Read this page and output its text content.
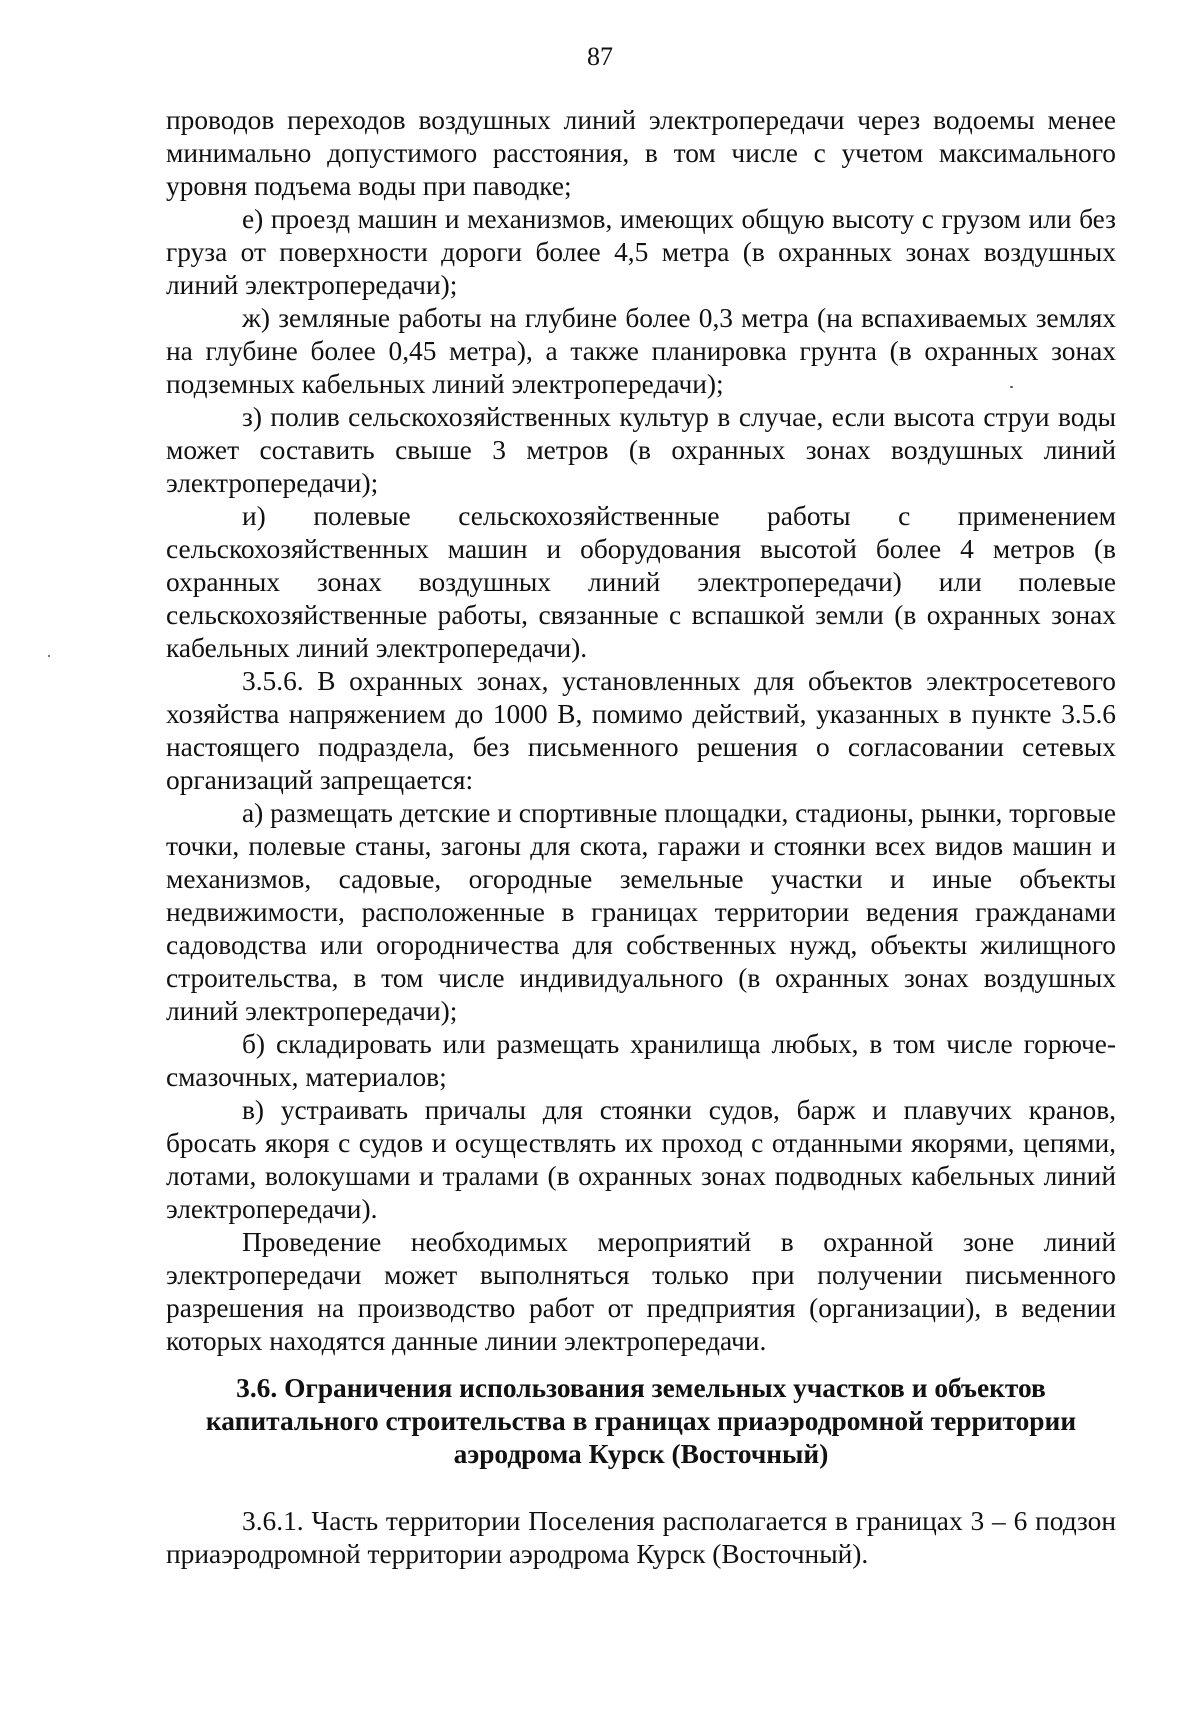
87

проводов переходов воздушных линий электропередачи через водоемы менее минимально допустимого расстояния, в том числе с учетом максимального уровня подъема воды при паводке;

е) проезд машин и механизмов, имеющих общую высоту с грузом или без груза от поверхности дороги более 4,5 метра (в охранных зонах воздушных линий электропередачи);

ж) земляные работы на глубине более 0,3 метра (на вспахиваемых землях на глубине более 0,45 метра), а также планировка грунта (в охранных зонах подземных кабельных линий электропередачи);

з) полив сельскохозяйственных культур в случае, если высота струи воды может составить свыше 3 метров (в охранных зонах воздушных линий электропередачи);

и) полевые сельскохозяйственные работы с применением сельскохозяйственных машин и оборудования высотой более 4 метров (в охранных зонах воздушных линий электропередачи) или полевые сельскохозяйственные работы, связанные с вспашкой земли (в охранных зонах кабельных линий электропередачи).

3.5.6. В охранных зонах, установленных для объектов электросетевого хозяйства напряжением до 1000 В, помимо действий, указанных в пункте 3.5.6 настоящего подраздела, без письменного решения о согласовании сетевых организаций запрещается:

а) размещать детские и спортивные площадки, стадионы, рынки, торговые точки, полевые станы, загоны для скота, гаражи и стоянки всех видов машин и механизмов, садовые, огородные земельные участки и иные объекты недвижимости, расположенные в границах территории ведения гражданами садоводства или огородничества для собственных нужд, объекты жилищного строительства, в том числе индивидуального (в охранных зонах воздушных линий электропередачи);

б) складировать или размещать хранилища любых, в том числе горюче-смазочных, материалов;

в) устраивать причалы для стоянки судов, барж и плавучих кранов, бросать якоря с судов и осуществлять их проход с отданными якорями, цепями, лотами, волокушами и тралами (в охранных зонах подводных кабельных линий электропередачи).

Проведение необходимых мероприятий в охранной зоне линий электропередачи может выполняться только при получении письменного разрешения на производство работ от предприятия (организации), в ведении которых находятся данные линии электропередачи.

3.6. Ограничения использования земельных участков и объектов

капитального строительства в границах приаэродромной территории

аэродрома Курск (Восточный)

3.6.1. Часть территории Поселения располагается в границах 3 – 6 подзон приаэродромной территории аэродрома Курск (Восточный).
